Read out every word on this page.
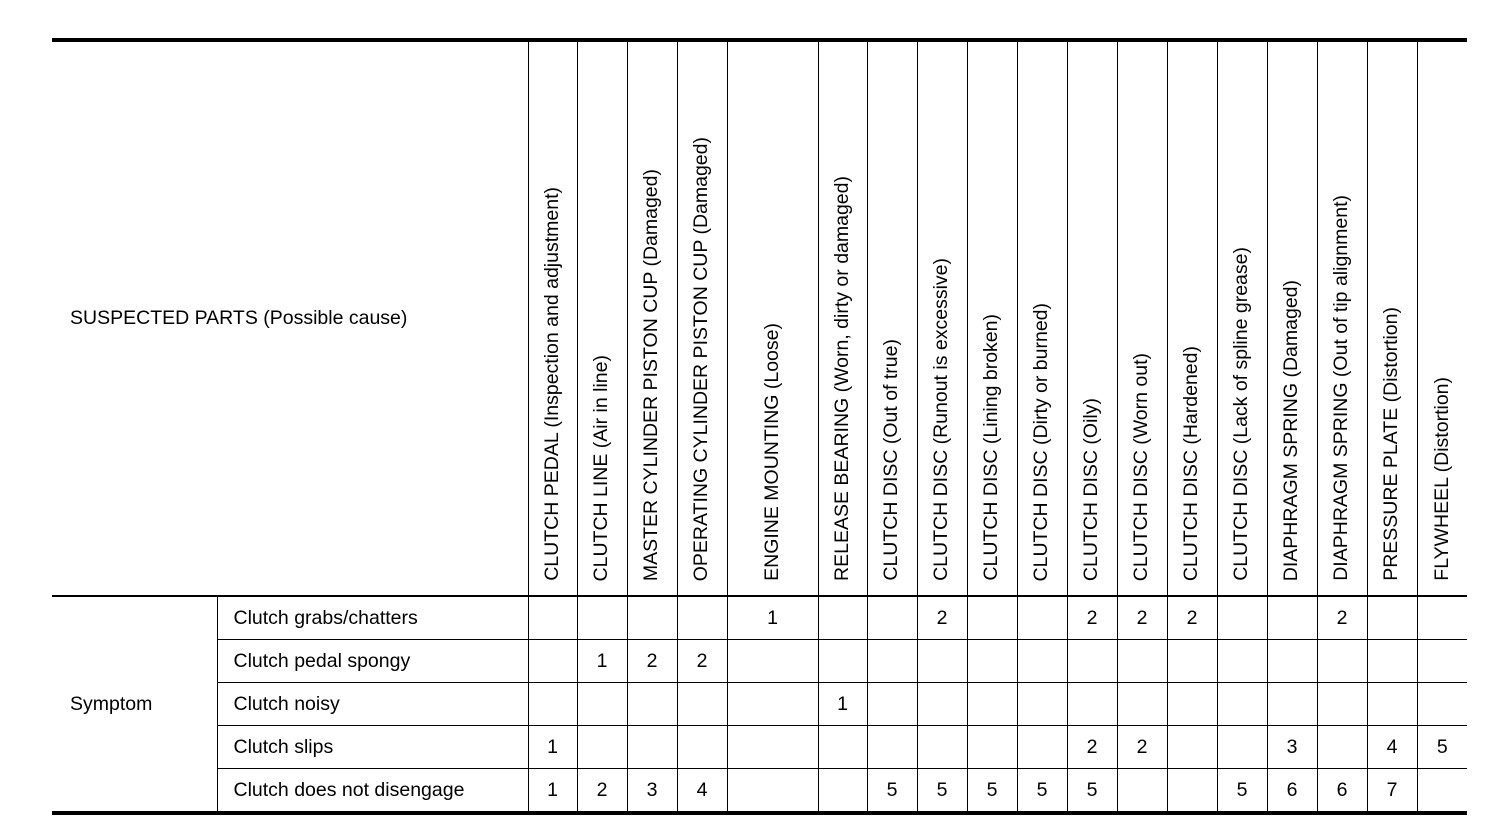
SUSPECTED PARTS (Possible cause)		CLUTCH PEDAL (Inspection and adjustment)	CLUTCH LINE (Air in line)	MASTER CYLINDER PISTON CUP (Damaged)	OPERATING CYLINDER PISTON CUP (Damaged)	ENGINE MOUNTING (Loose)	RELEASE BEARING (Worn, dirty or damaged)	CLUTCH DISC (Out of true)	CLUTCH DISC (Runout is excessive)	CLUTCH DISC (Lining broken)	CLUTCH DISC (Dirty or burned)	CLUTCH DISC (Oily)	CLUTCH DISC (Worn out)	CLUTCH DISC (Hardened)	CLUTCH DISC (Lack of spline grease)	DIAPHRAGM SPRING (Damaged)	DIAPHRAGM SPRING (Out of tip alignment)	PRESSURE PLATE (Distortion)	FLYWHEEL (Distortion)

Symptom	Clutch grabs/chatters					1			2			2	2	2			2		
	Clutch pedal spongy		1	2	2														
	Clutch noisy						1												
	Clutch slips	1										2	2			3		4	5
	Clutch does not disengage	1	2	3	4			5	5	5	5	5			5	6	6	7	
